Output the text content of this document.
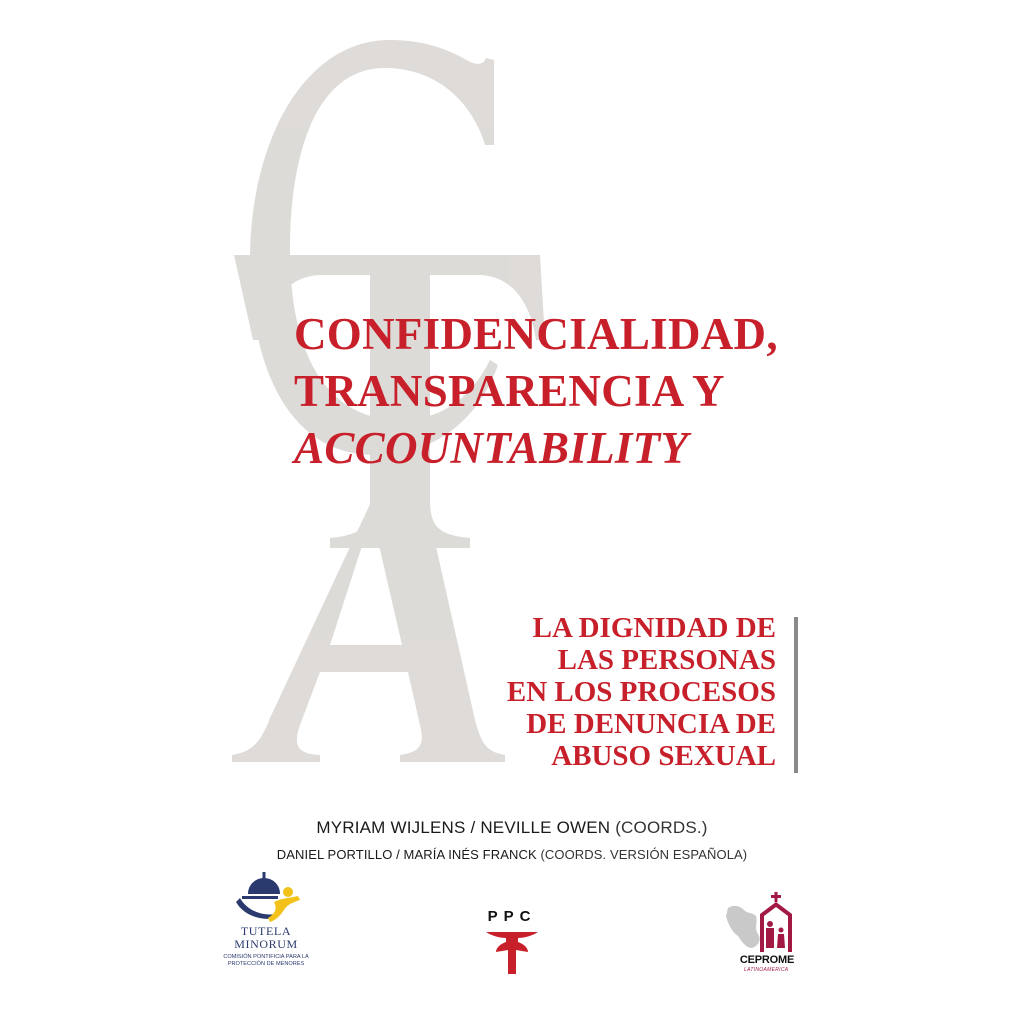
CONFIDENCIALIDAD,
TRANSPARENCIA Y
ACCOUNTABILITY
LA DIGNIDAD DE
LAS PERSONAS
EN LOS PROCESOS
DE DENUNCIA DE
ABUSO SEXUAL
MYRIAM WIJLENS / NEVILLE OWEN (COORDS.)
DANIEL PORTILLO / MARÍA INÉS FRANCK (COORDS. VERSIÓN ESPAÑOLA)
TUTELA
MINORUM
COMISIÓN PONTIFICIA PARA LA
PROTECCIÓN DE MENORES
PPC
CEPROME
LATINOAMERICA
